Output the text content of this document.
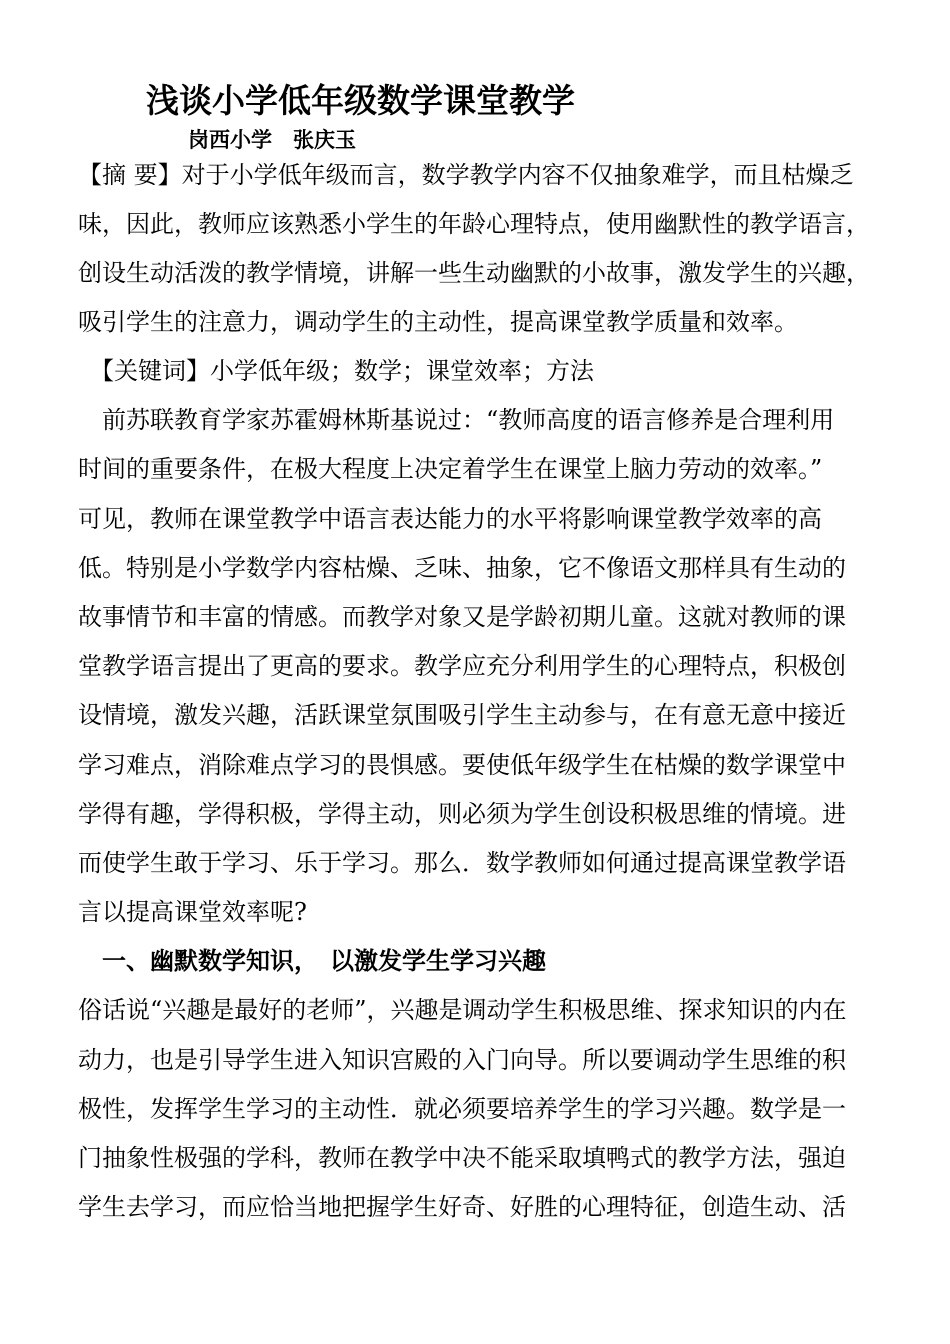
浅谈小学低年级数学课堂教学
岗西小学　张庆玉
【摘 要】对于小学低年级而言，数学教学内容不仅抽象难学，而且枯燥乏
味，因此，教师应该熟悉小学生的年龄心理特点，使用幽默性的教学语言，
创设生动活泼的教学情境，讲解一些生动幽默的小故事，激发学生的兴趣，
吸引学生的注意力，调动学生的主动性，提高课堂教学质量和效率。
　【关键词】小学低年级；数学；课堂效率；方法
　前苏联教育学家苏霍姆林斯基说过：“教师高度的语言修养是合理利用
时间的重要条件，在极大程度上决定着学生在课堂上脑力劳动的效率。”
可见，教师在课堂教学中语言表达能力的水平将影响课堂教学效率的高
低。特别是小学数学内容枯燥、乏味、抽象，它不像语文那样具有生动的
故事情节和丰富的情感。而教学对象又是学龄初期儿童。这就对教师的课
堂教学语言提出了更高的要求。教学应充分利用学生的心理特点，积极创
设情境，激发兴趣，活跃课堂氛围吸引学生主动参与，在有意无意中接近
学习难点，消除难点学习的畏惧感。要使低年级学生在枯燥的数学课堂中
学得有趣，学得积极，学得主动，则必须为学生创设积极思维的情境。进
而使学生敢于学习、乐于学习。那么．数学教师如何通过提高课堂教学语
言以提高课堂效率呢?
　一、幽默数学知识，　以激发学生学习兴趣
俗话说“兴趣是最好的老师”，兴趣是调动学生积极思维、探求知识的内在
动力，也是引导学生进入知识宫殿的入门向导。所以要调动学生思维的积
极性，发挥学生学习的主动性．就必须要培养学生的学习兴趣。数学是一
门抽象性极强的学科，教师在教学中决不能采取填鸭式的教学方法，强迫
学生去学习，而应恰当地把握学生好奇、好胜的心理特征，创造生动、活
